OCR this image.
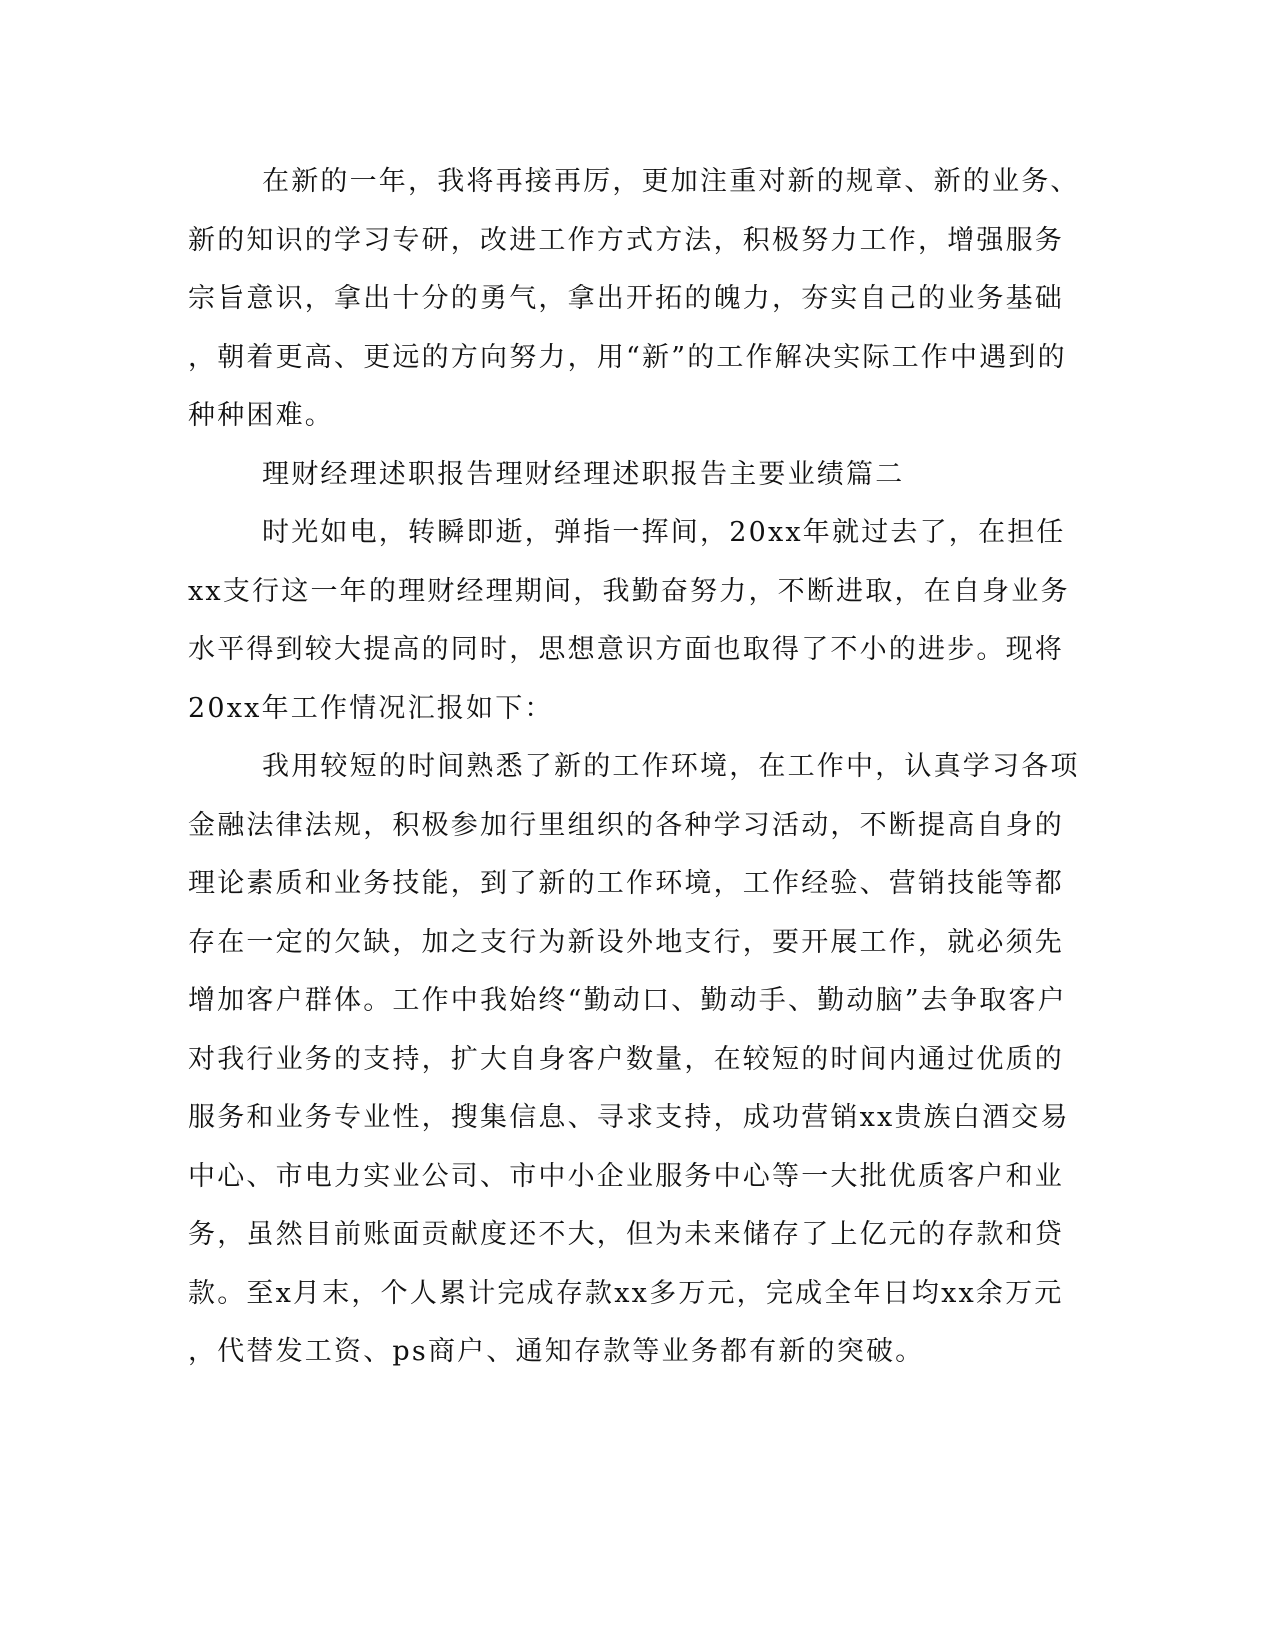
在新的一年，我将再接再厉，更加注重对新的规章、新的业务、
新的知识的学习专研，改进工作方式方法，积极努力工作，增强服务
宗旨意识，拿出十分的勇气，拿出开拓的魄力，夯实自己的业务基础
，朝着更高、更远的方向努力，用“新”的工作解决实际工作中遇到的
种种困难。
理财经理述职报告理财经理述职报告主要业绩篇二
时光如电，转瞬即逝，弹指一挥间，20xx年就过去了，在担任
xx支行这一年的理财经理期间，我勤奋努力，不断进取，在自身业务
水平得到较大提高的同时，思想意识方面也取得了不小的进步。现将
20xx年工作情况汇报如下：
我用较短的时间熟悉了新的工作环境，在工作中，认真学习各项
金融法律法规，积极参加行里组织的各种学习活动，不断提高自身的
理论素质和业务技能，到了新的工作环境，工作经验、营销技能等都
存在一定的欠缺，加之支行为新设外地支行，要开展工作，就必须先
增加客户群体。工作中我始终“勤动口、勤动手、勤动脑”去争取客户
对我行业务的支持，扩大自身客户数量，在较短的时间内通过优质的
服务和业务专业性，搜集信息、寻求支持，成功营销xx贵族白酒交易
中心、市电力实业公司、市中小企业服务中心等一大批优质客户和业
务，虽然目前账面贡献度还不大，但为未来储存了上亿元的存款和贷
款。至x月末，个人累计完成存款xx多万元，完成全年日均xx余万元
，代替发工资、ps商户、通知存款等业务都有新的突破。
